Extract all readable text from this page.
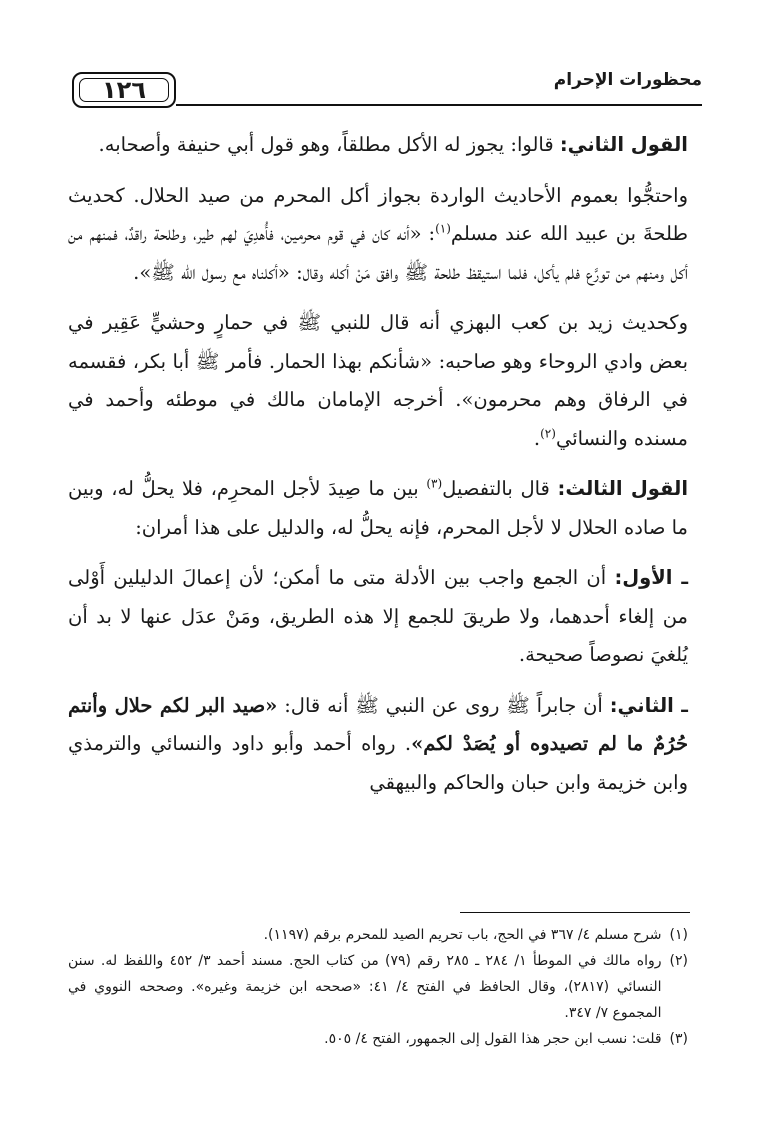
١٢٦	محظورات الإحرام

القول الثاني: قالوا: يجوز له الأكل مطلقاً، وهو قول أبي حنيفة وأصحابه.

واحتجُّوا بعموم الأحاديث الواردة بجواز أكل المحرم من صيد الحلال. كحديث طلحةَ بن عبيد الله عند مسلم$^{(١)}$: «أنه كان في قوم محرمين، فأُهدِيَ لهم طير، وطلحة راقدٌ، فمنهم من أكل ومنهم من تورَّع فلم يأكل، فلما استيقظ طلحة ﷺ وافق مَنْ أكله وقال: «أكلناه مع رسول الله ﷺ».

وكحديث زيد بن كعب البهزي أنه قال للنبي ﷺ في حمارٍ وحشيٍّ عَقِير في بعض وادي الروحاء وهو صاحبه: «شأنكم بهذا الحمار. فأمر ﷺ أبا بكر، فقسمه في الرفاق وهم محرمون». أخرجه الإمامان مالك في موطئه وأحمد في مسنده والنسائي$^{(٢)}$.

القول الثالث: قال بالتفصيل$^{(٣)}$ بين ما صِيدَ لأجل المحرِم، فلا يحلُّ له، وبين ما صاده الحلال لا لأجل المحرم، فإنه يحلُّ له، والدليل على هذا أمران:

ـ الأول: أن الجمع واجب بين الأدلة متى ما أمكن؛ لأن إعمالَ الدليلين أَوْلى من إلغاء أحدهما، ولا طريقَ للجمع إلا هذه الطريق، ومَنْ عدَل عنها لا بد أن يُلغيَ نصوصاً صحيحة.

ـ الثاني: أن جابراً ﷺ روى عن النبي ﷺ أنه قال: «صيد البر لكم حلال وأنتم حُرُمٌ ما لم تصيدوه أو يُصَدْ لكم». رواه أحمد وأبو داود والنسائي والترمذي وابن خزيمة وابن حبان والحاكم والبيهقي

(١)
شرح مسلم ٤/ ٣٦٧ في الحج، باب تحريم الصيد للمحرم برقم (١١٩٧).

(٢)
رواه مالك في الموطأ ١/ ٢٨٤ ـ ٢٨٥ رقم (٧٩) من كتاب الحج. مسند أحمد ٣/ ٤٥٢ واللفظ له. سنن النسائي (٢٨١٧)، وقال الحافظ في الفتح ٤/ ٤١: «صححه ابن خزيمة وغيره». وصححه النووي في المجموع ٧/ ٣٤٧.

(٣)
قلت: نسب ابن حجر هذا القول إلى الجمهور، الفتح ٤/ ٥٠٥.
